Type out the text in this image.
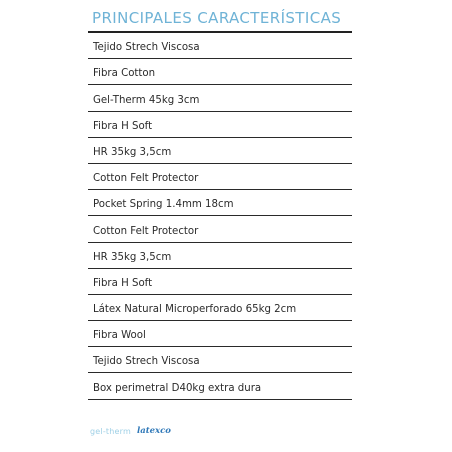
PRINCIPALES CARACTERÍSTICAS
Tejido Strech Viscosa
Fibra Cotton
Gel-Therm 45kg 3cm
Fibra H Soft
HR 35kg 3,5cm
Cotton Felt Protector
Pocket Spring 1.4mm 18cm
Cotton Felt Protector
HR 35kg 3,5cm
Fibra H Soft
Látex Natural Microperforado 65kg 2cm
Fibra Wool
Tejido Strech Viscosa
Box perimetral D40kg extra dura
gel-therm latexco
